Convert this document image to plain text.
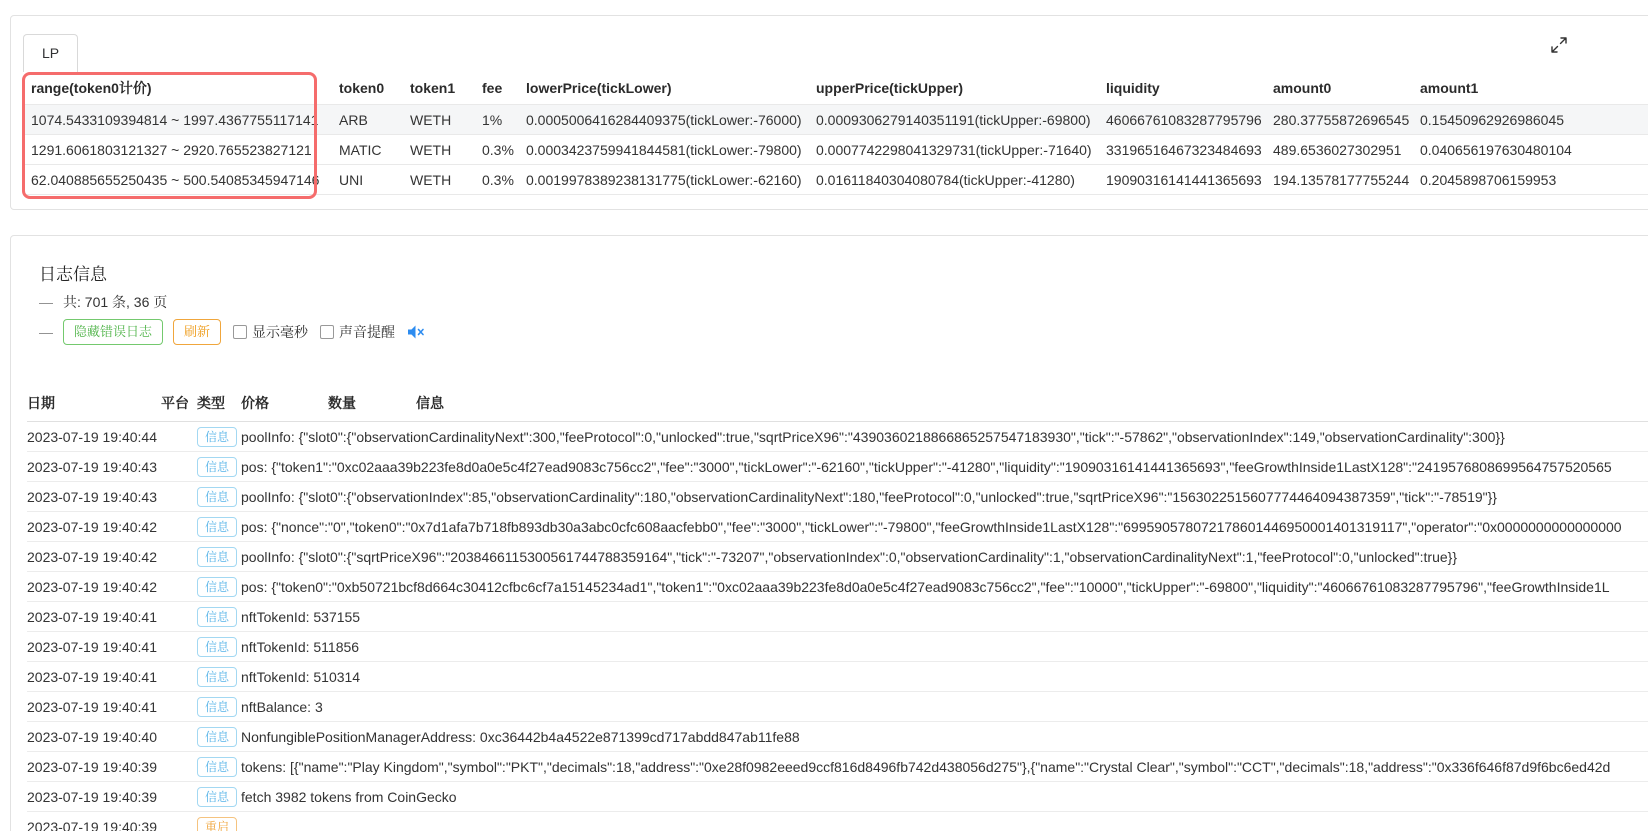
LP
range(token0计价)	token0	token1	fee	lowerPrice(tickLower)	upperPrice(tickUpper)	liquidity	amount0	amount1
1074.5433109394814 ~ 1997.4367755117141	ARB	WETH	1%	0.0005006416284409375(tickLower:-76000)	0.0009306279140351191(tickUpper:-69800)	46066761083287795796	280.37755872696545	0.15450962926986045
1291.6061803121327 ~ 2920.765523827121	MATIC	WETH	0.3%	0.0003423759941844581(tickLower:-79800)	0.0007742298041329731(tickUpper:-71640)	33196516467323484693	489.6536027302951	0.040656197630480104
62.040885655250435 ~ 500.54085345947146	UNI	WETH	0.3%	0.0019978389238131775(tickLower:-62160)	0.01611840304080784(tickUpper:-41280)	19090316141441365693	194.13578177755244	0.2045898706159953
日志信息
— 共: 701 条, 36 页
—	隐藏错误日志	刷新	显示毫秒 声音提醒
日期	平台	类型	价格	数量	信息
2023-07-19 19:40:44		信息	poolInfo: {"slot0":{"observationCardinalityNext":300,"feeProtocol":0,"unlocked":true,"sqrtPriceX96":"4390360218866865257547183930","tick":"-57862","observationIndex":149,"observationCardinality":300}}		
2023-07-19 19:40:43		信息	pos: {"token1":"0xc02aaa39b223fe8d0a0e5c4f27ead9083c756cc2","fee":"3000","tickLower":"-62160","tickUpper":"-41280","liquidity":"19090316141441365693","feeGrowthInside1LastX128":"2419576808699564757520565		
2023-07-19 19:40:43		信息	poolInfo: {"slot0":{"observationIndex":85,"observationCardinality":180,"observationCardinalityNext":180,"feeProtocol":0,"unlocked":true,"sqrtPriceX96":"1563022515607774464094387359","tick":"-78519"}}		
2023-07-19 19:40:42		信息	pos: {"nonce":"0","token0":"0x7d1afa7b718fb893db30a3abc0cfc608aacfebb0","fee":"3000","tickLower":"-79800","feeGrowthInside1LastX128":"699590578072178601446950001401319117","operator":"0x0000000000000000		
2023-07-19 19:40:42		信息	poolInfo: {"slot0":{"sqrtPriceX96":"2038466115300561744788359164","tick":"-73207","observationIndex":0,"observationCardinality":1,"observationCardinalityNext":1,"feeProtocol":0,"unlocked":true}}		
2023-07-19 19:40:42		信息	pos: {"token0":"0xb50721bcf8d664c30412cfbc6cf7a15145234ad1","token1":"0xc02aaa39b223fe8d0a0e5c4f27ead9083c756cc2","fee":"10000","tickUpper":"-69800","liquidity":"46066761083287795796","feeGrowthInside1L		
2023-07-19 19:40:41		信息	nftTokenId: 537155		
2023-07-19 19:40:41		信息	nftTokenId: 511856		
2023-07-19 19:40:41		信息	nftTokenId: 510314		
2023-07-19 19:40:41		信息	nftBalance: 3		
2023-07-19 19:40:40		信息	NonfungiblePositionManagerAddress: 0xc36442b4a4522e871399cd717abdd847ab11fe88		
2023-07-19 19:40:39		信息	tokens: [{"name":"Play Kingdom","symbol":"PKT","decimals":18,"address":"0xe28f0982eeed9ccf816d8496fb742d438056d275"},{"name":"Crystal Clear","symbol":"CCT","decimals":18,"address":"0x336f646f87d9f6bc6ed42d		
2023-07-19 19:40:39		信息	fetch 3982 tokens from CoinGecko		
2023-07-19 19:40:39		重启			
